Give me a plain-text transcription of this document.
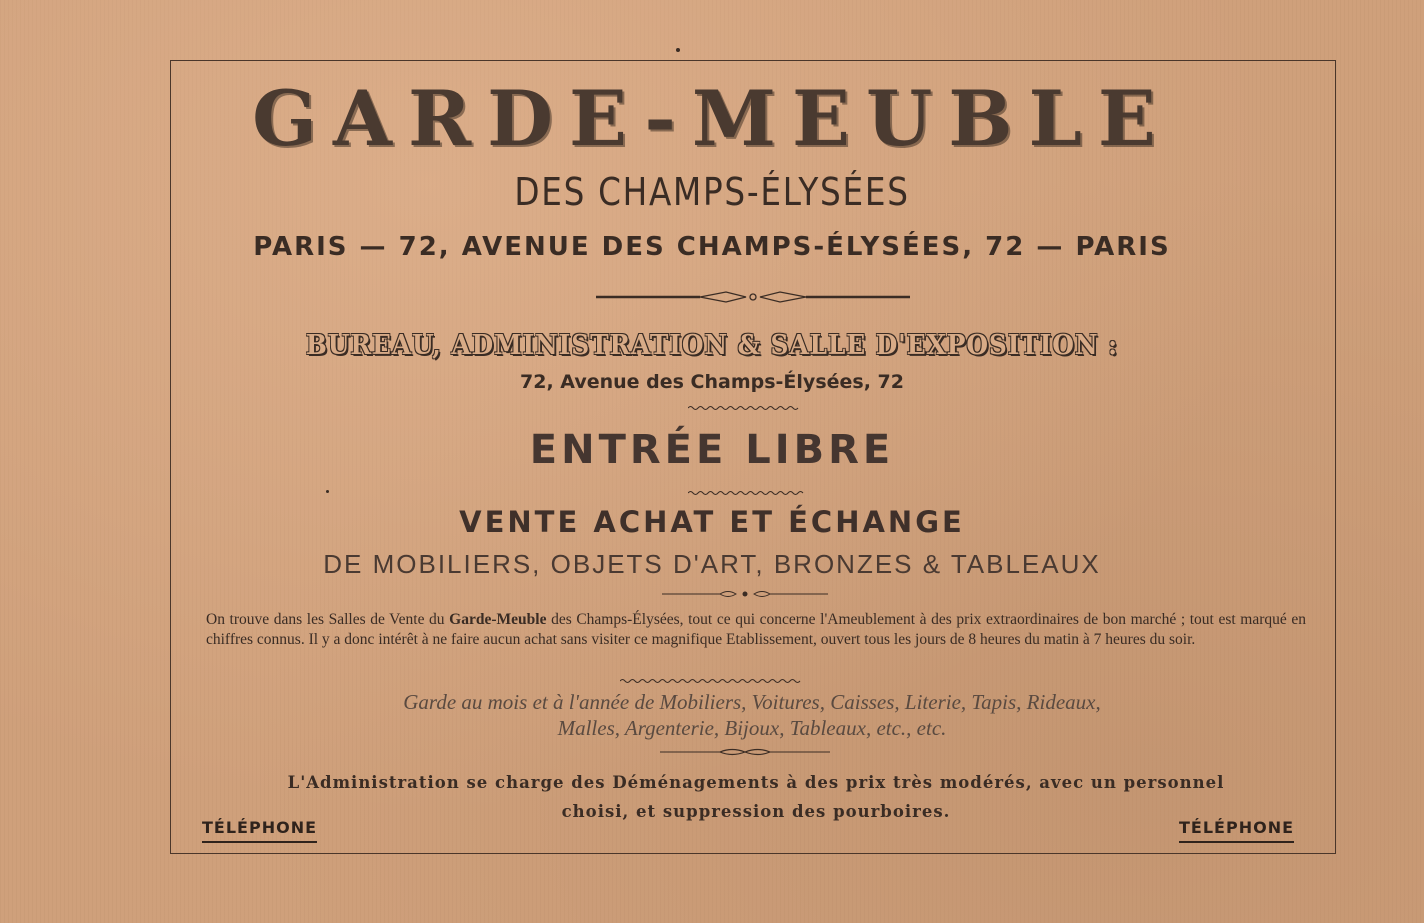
GARDE-MEUBLE
DES CHAMPS-ÉLYSÉES
PARIS — 72, AVENUE DES CHAMPS-ÉLYSÉES, 72 — PARIS
BUREAU, ADMINISTRATION & SALLE D'EXPOSITION :
72, Avenue des Champs-Élysées, 72
ENTRÉE LIBRE
VENTE ACHAT ET ÉCHANGE
DE MOBILIERS, OBJETS D'ART, BRONZES & TABLEAUX
On trouve dans les Salles de Vente du Garde-Meuble des Champs-Élysées, tout ce qui concerne l'Ameublement à des prix extraordinaires de bon marché ; tout est marqué en chiffres connus. Il y a donc intérêt à ne faire aucun achat sans visiter ce magnifique Etablissement, ouvert tous les jours de 8 heures du matin à 7 heures du soir.
Garde au mois et à l'année de Mobiliers, Voitures, Caisses, Literie, Tapis, Rideaux,
Malles, Argenterie, Bijoux, Tableaux, etc., etc.
L'Administration se charge des Déménagements à des prix très modérés, avec un personnel
choisi, et suppression des pourboires.
TÉLÉPHONE	TÉLÉPHONE
